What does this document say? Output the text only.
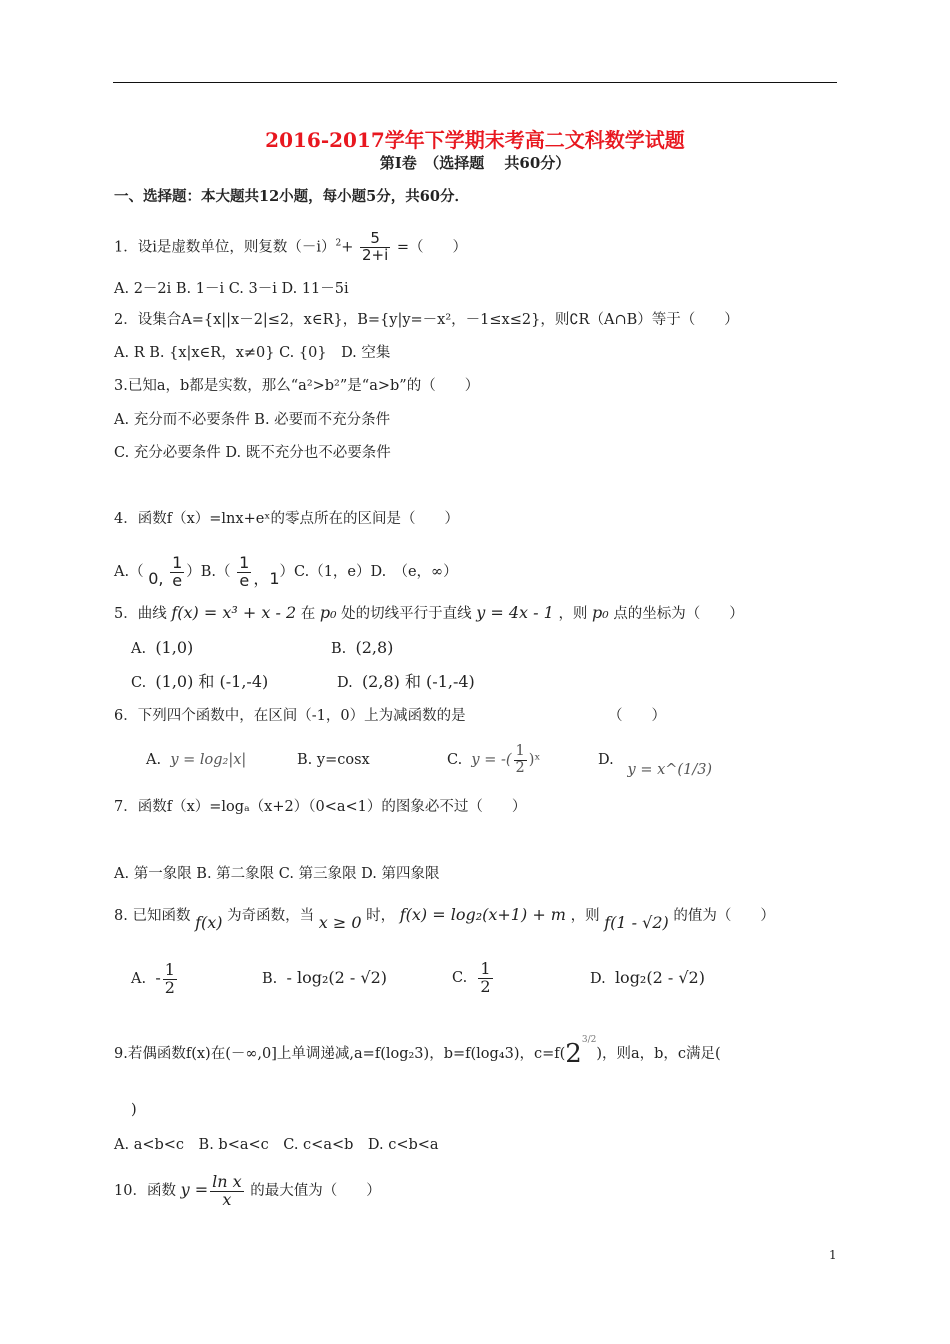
2016-2017学年下学期末考高二文科数学试题
第Ⅰ卷　（选择题　 共60分）
一、选择题：本大题共12小题，每小题5分，共60分．
1．设i是虚数单位，则复数$(-i)^2+ \frac{5}{2+i}$ =（　　）
A. 2－2i B. 1－i C. 3－i D. 11－5i
2．设集合A={x||x－2|≤2，x∈R}，B={y|y=－x²，－1≤x≤2}，则∁R（A∩B）等于（　　）
A. R B. {x|x∈R，x≠0} C. {0}　D. 空集
3.已知a，b都是实数，那么“a²>b²”是“a>b”的（　　）
A. 充分而不必要条件 B. 必要而不充分条件
C. 充分必要条件 D. 既不充分也不必要条件
4．函数f（x）=lnx+eˣ的零点所在的区间是（　　）
A.（ 0, $\frac{1}{e} )B.( \frac{1}{e}$ ，1）C.（1，e）D.　（e，∞）
5．曲线 f(x) = x³ + x - 2 在 p₀ 处的切线平行于直线 y = 4x - 1 ，则 p₀ 点的坐标为（　　）
A. (1,0)	B. (2,8)
C. (1,0) 和 (-1,-4)	D. (2,8) 和 (-1,-4)
6．下列四个函数中，在区间（-1，0）上为减函数的是	（　　）
A. y = log₂|x|	B. y=cosx	C. y = -( $\frac{1}{2}$ )ˣ	D.   y = x^(1/3)
7．函数f（x）=logₐ（x+2）（0<a<1）的图象必不过（　　）
A. 第一象限 B. 第二象限 C. 第三象限 D. 第四象限
8. 已知函数 f(x) 为奇函数，当 x ≥ 0 时， f(x) = log₂(x+1) + m ，则 f(1 - √2) 的值为（　　）
A. - $\frac{1}{2}$	B. - log₂(2 - √2)	C. $\frac{1}{2}$	D. log₂(2 - √2)
9.若偶函数f(x)在(－∞,0]上单调递减,a=f(log₂3)，b=f(log₄3)，$c=f(2^{3/2})$，则a，b，c满足(
)
A. a<b<c　B. b<a<c　C. c<a<b　D. c<b<a
10．函数 $y = \frac{\text{ln x}}{x}$ 的最大值为（　　）
1
